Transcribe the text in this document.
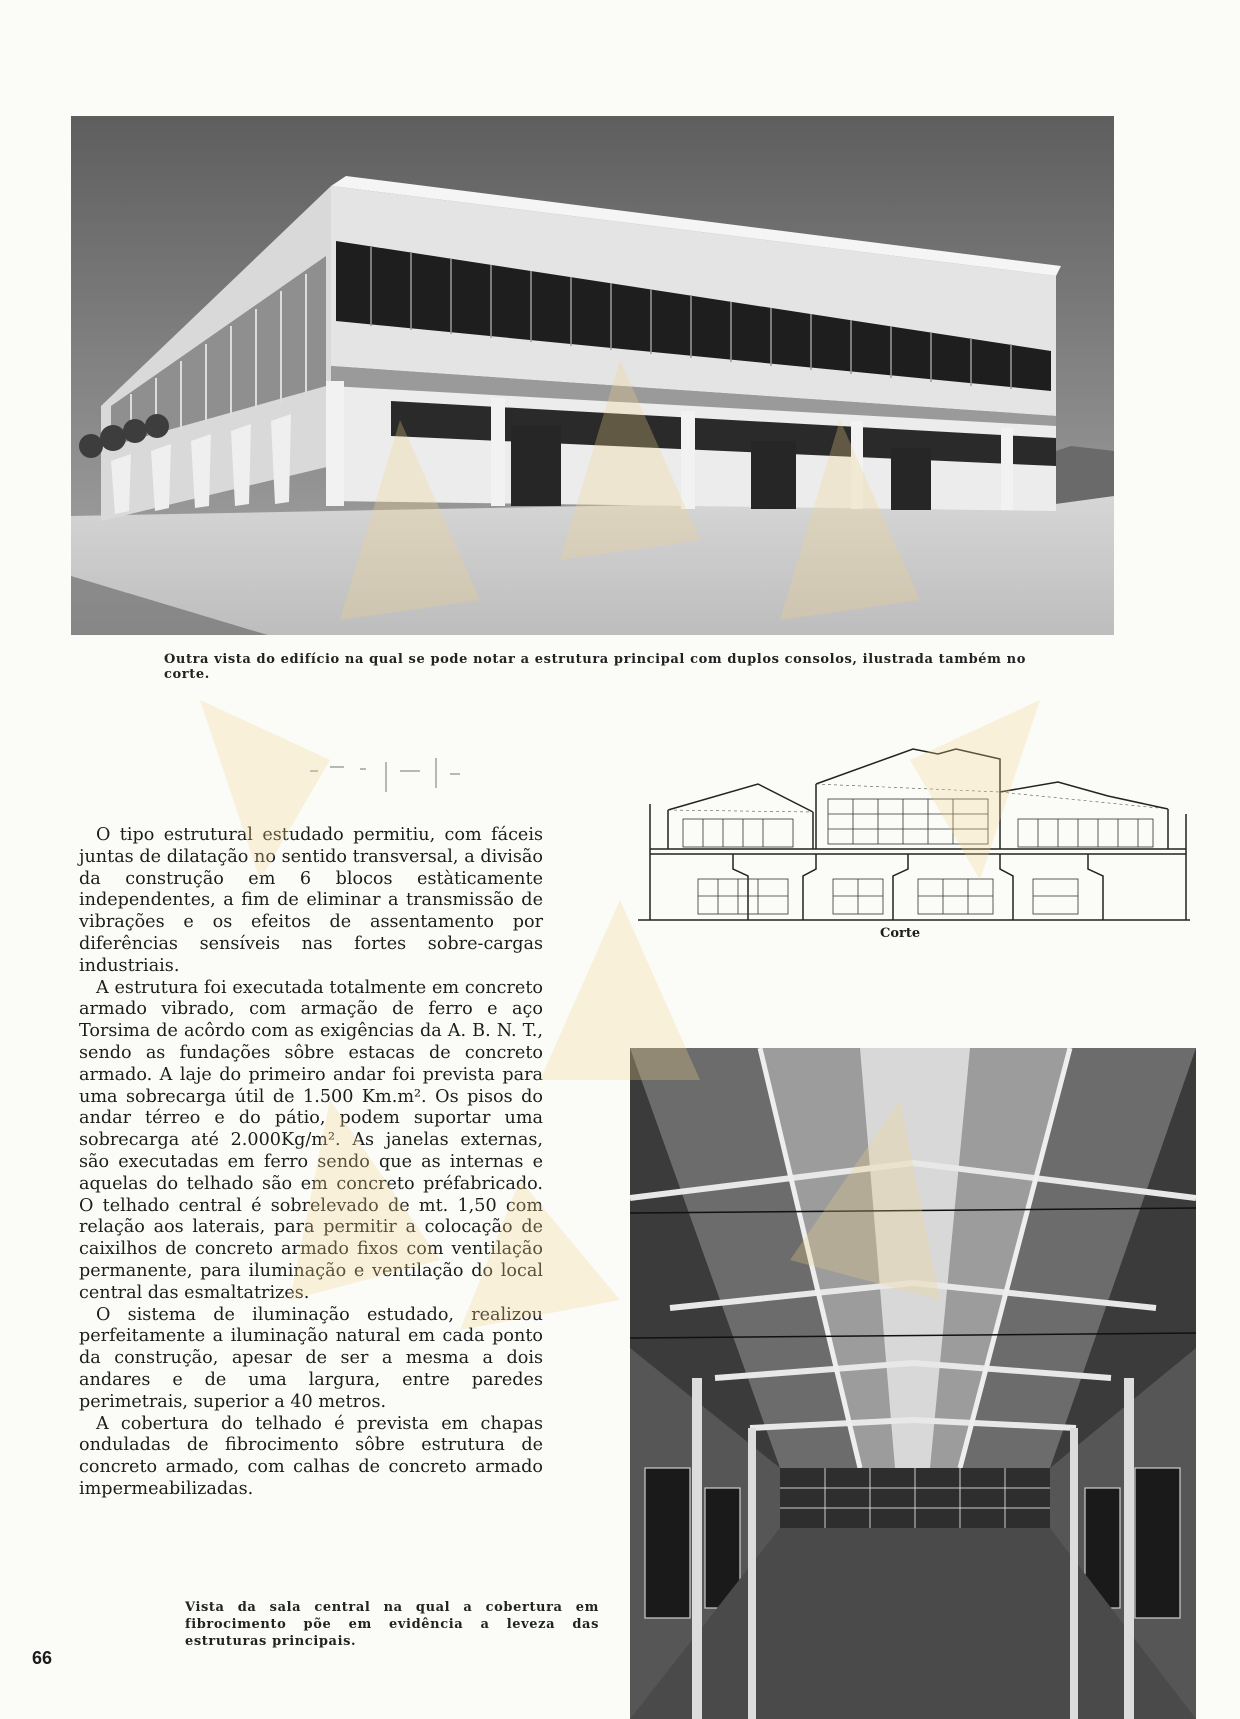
Outra vista do edifício na qual se pode notar a estrutura principal com duplos consolos, ilustrada também no corte.
Corte

O tipo estrutural estudado permitiu, com fáceis juntas de dilatação no sentido transversal, a divisão da construção em 6 blocos estàticamente independentes, a fim de eliminar a transmissão de vibrações e os efeitos de assentamento por diferências sensíveis nas fortes sobre-cargas industriais.

A estrutura foi executada totalmente em concreto armado vibrado, com armação de ferro e aço Torsima de acôrdo com as exigências da A. B. N. T., sendo as fundações sôbre estacas de concreto armado. A laje do primeiro andar foi prevista para uma sobrecarga útil de 1.500 Km.m². Os pisos do andar térreo e do pátio, podem suportar uma sobrecarga até 2.000Kg/m². As janelas externas, são executadas em ferro sendo que as internas e aquelas do telhado são em concreto préfabricado. O telhado central é sobrelevado de mt. 1,50 com relação aos laterais, para permitir a colocação de caixilhos de concreto armado fixos com ventilação permanente, para iluminação e ventilação do local central das esmaltatrizes.

O sistema de iluminação estudado, realizou perfeitamente a iluminação natural em cada ponto da construção, apesar de ser a mesma a dois andares e de uma largura, entre paredes perimetrais, superior a 40 metros.

A cobertura do telhado é prevista em chapas onduladas de fibrocimento sôbre estrutura de concreto armado, com calhas de concreto armado impermeabilizadas.

Vista da sala central na qual a cobertura em fibrocimento põe em evidência a leveza das estruturas principais.
66
